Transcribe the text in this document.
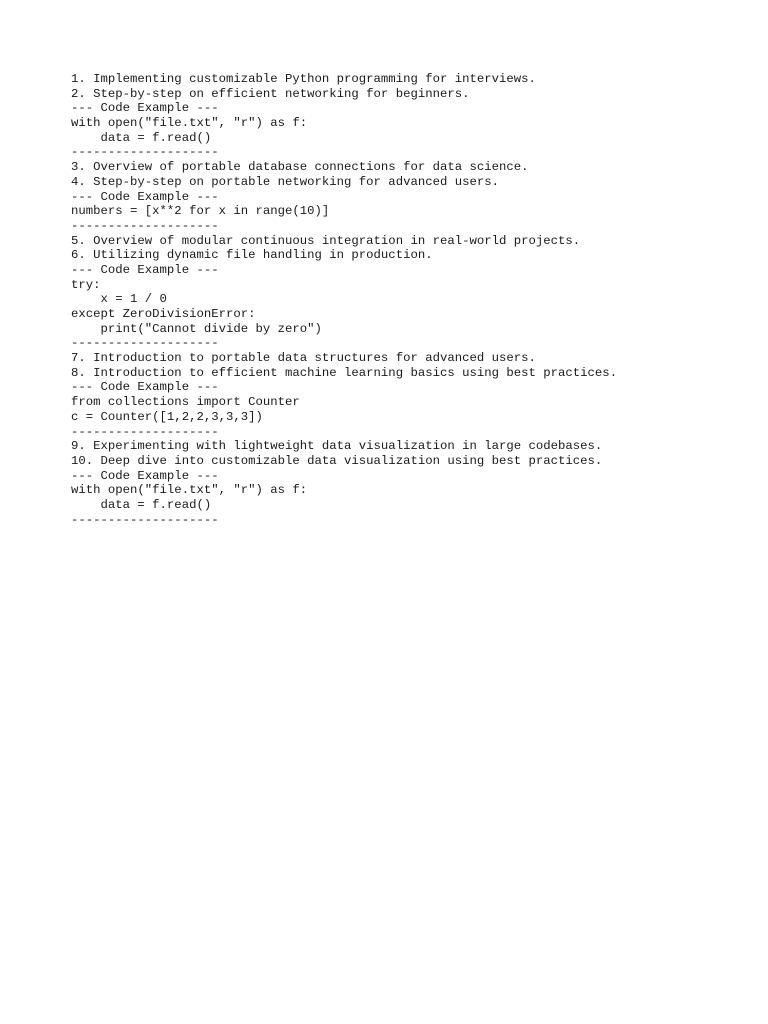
1. Implementing customizable Python programming for interviews.
2. Step-by-step on efficient networking for beginners.
--- Code Example ---
with open("file.txt", "r") as f:
data = f.read()
--------------------
3. Overview of portable database connections for data science.
4. Step-by-step on portable networking for advanced users.
--- Code Example ---
numbers = [x**2 for x in range(10)]
--------------------
5. Overview of modular continuous integration in real-world projects.
6. Utilizing dynamic file handling in production.
--- Code Example ---
try:
x = 1 / 0
except ZeroDivisionError:
print("Cannot divide by zero")
--------------------
7. Introduction to portable data structures for advanced users.
8. Introduction to efficient machine learning basics using best practices.
--- Code Example ---
from collections import Counter
c = Counter([1,2,2,3,3,3])
--------------------
9. Experimenting with lightweight data visualization in large codebases.
10. Deep dive into customizable data visualization using best practices.
--- Code Example ---
with open("file.txt", "r") as f:
data = f.read()
--------------------
